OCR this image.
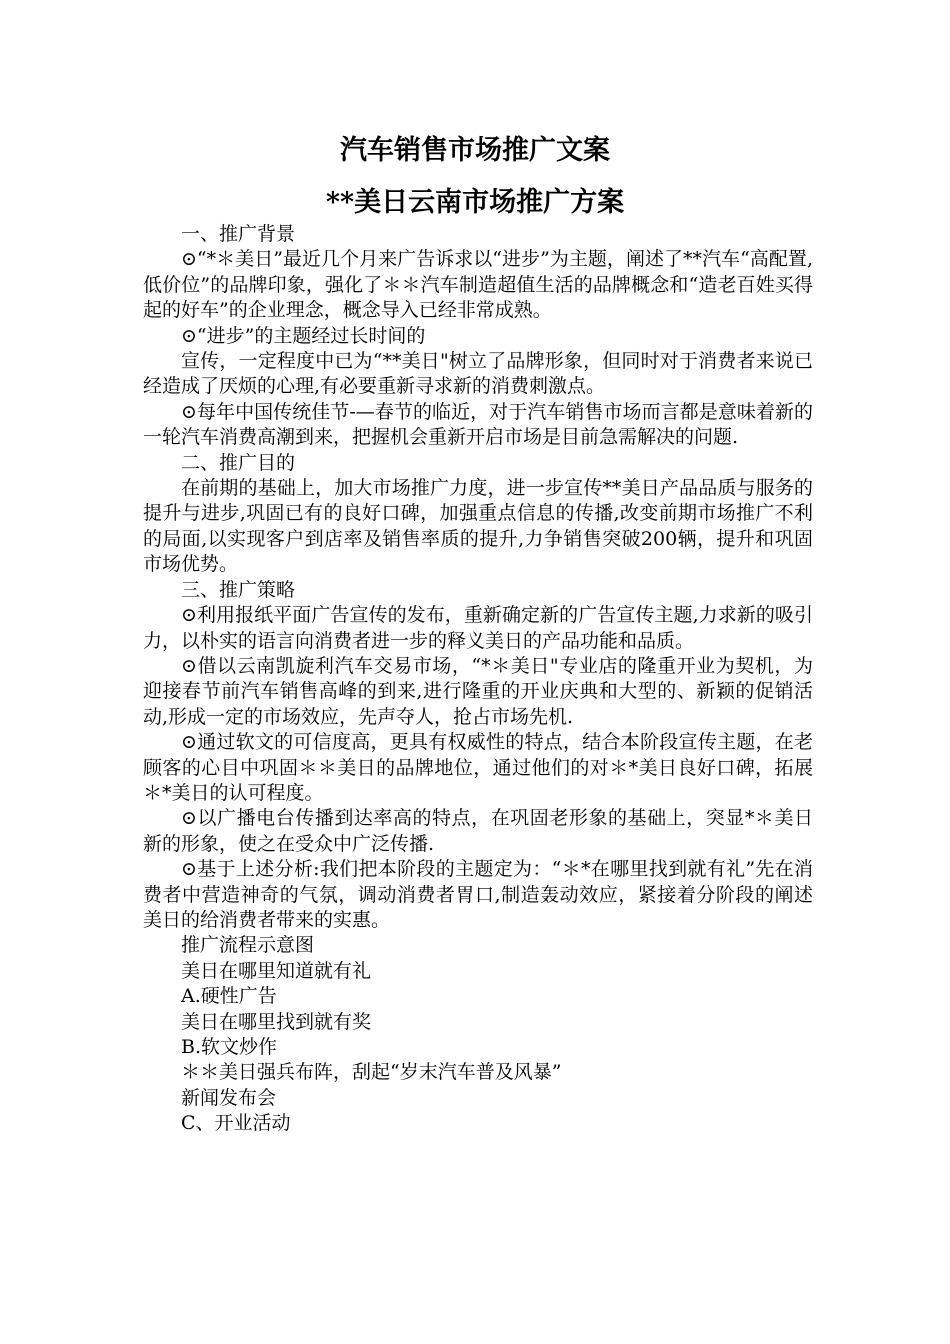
汽车销售市场推广文案
**美日云南市场推广方案

一、推广背景

⊙“*＊美日”最近几个月来广告诉求以“进步”为主题，阐述了**汽车“高配置,低价位”的品牌印象，强化了＊＊汽车制造超值生活的品牌概念和“造老百姓买得起的好车”的企业理念，概念导入已经非常成熟。

⊙“进步”的主题经过长时间的

宣传，一定程度中已为“**美日"树立了品牌形象，但同时对于消费者来说已经造成了厌烦的心理,有必要重新寻求新的消费刺激点。

⊙每年中国传统佳节-—春节的临近，对于汽车销售市场而言都是意味着新的一轮汽车消费高潮到来，把握机会重新开启市场是目前急需解决的问题.

二、推广目的

在前期的基础上，加大市场推广力度，进一步宣传**美日产品品质与服务的提升与进步,巩固已有的良好口碑，加强重点信息的传播,改变前期市场推广不利的局面,以实现客户到店率及销售率质的提升,力争销售突破200辆，提升和巩固市场优势。

三、推广策略

⊙利用报纸平面广告宣传的发布，重新确定新的广告宣传主题,力求新的吸引力，以朴实的语言向消费者进一步的释义美日的产品功能和品质。

⊙借以云南凯旋利汽车交易市场，“*＊美日"专业店的隆重开业为契机，为迎接春节前汽车销售高峰的到来,进行隆重的开业庆典和大型的、新颖的促销活动,形成一定的市场效应，先声夺人，抢占市场先机.

⊙通过软文的可信度高，更具有权威性的特点，结合本阶段宣传主题，在老顾客的心目中巩固＊＊美日的品牌地位，通过他们的对＊*美日良好口碑，拓展＊*美日的认可程度。

⊙以广播电台传播到达率高的特点，在巩固老形象的基础上，突显*＊美日新的形象，使之在受众中广泛传播.

⊙基于上述分析:我们把本阶段的主题定为：“＊*在哪里找到就有礼”先在消费者中营造神奇的气氛，调动消费者胃口,制造轰动效应，紧接着分阶段的阐述美日的给消费者带来的实惠。

推广流程示意图

美日在哪里知道就有礼

A.硬性广告

美日在哪里找到就有奖

B.软文炒作

＊＊美日强兵布阵，刮起“岁末汽车普及风暴”

新闻发布会

C、开业活动
